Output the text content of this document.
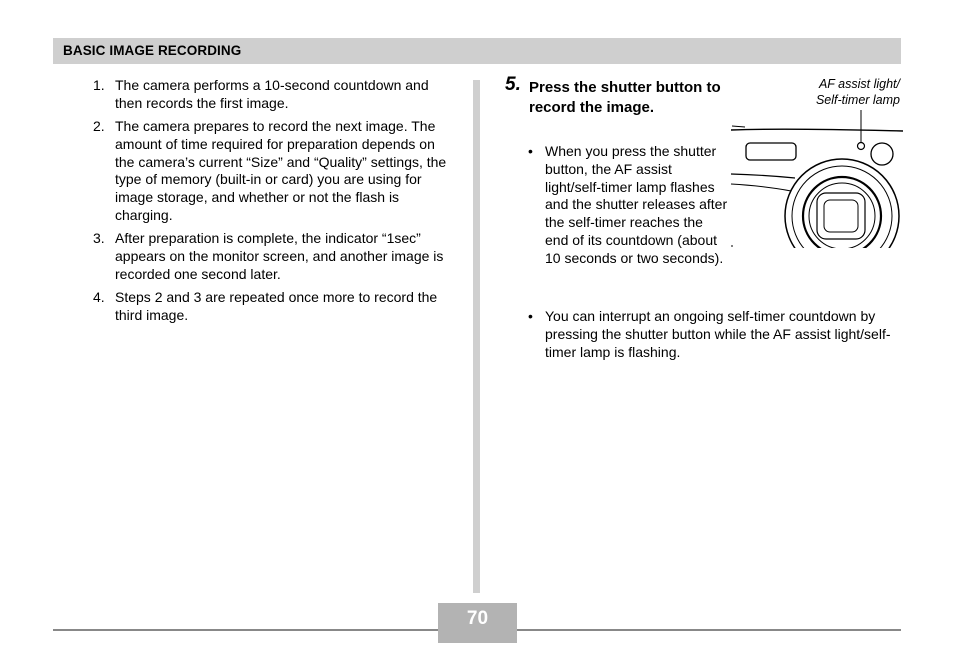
BASIC IMAGE RECORDING
1. The camera performs a 10-second countdown and then records the first image.
2. The camera prepares to record the next image. The amount of time required for preparation depends on the camera’s current “Size” and “Quality” settings, the type of memory (built-in or card) you are using for image storage, and whether or not the flash is charging.
3. After preparation is complete, the indicator “1sec” appears on the monitor screen, and another image is recorded one second later.
4. Steps 2 and 3 are repeated once more to record the third image.
5. Press the shutter button to record the image.
• When you press the shutter button, the AF assist light/self-timer lamp flashes and the shutter releases after the self-timer reaches the end of its countdown (about 10 seconds or two seconds).
• You can interrupt an ongoing self-timer countdown by pressing the shutter button while the AF assist light/self-timer lamp is flashing.
AF assist light/
Self-timer lamp
70
